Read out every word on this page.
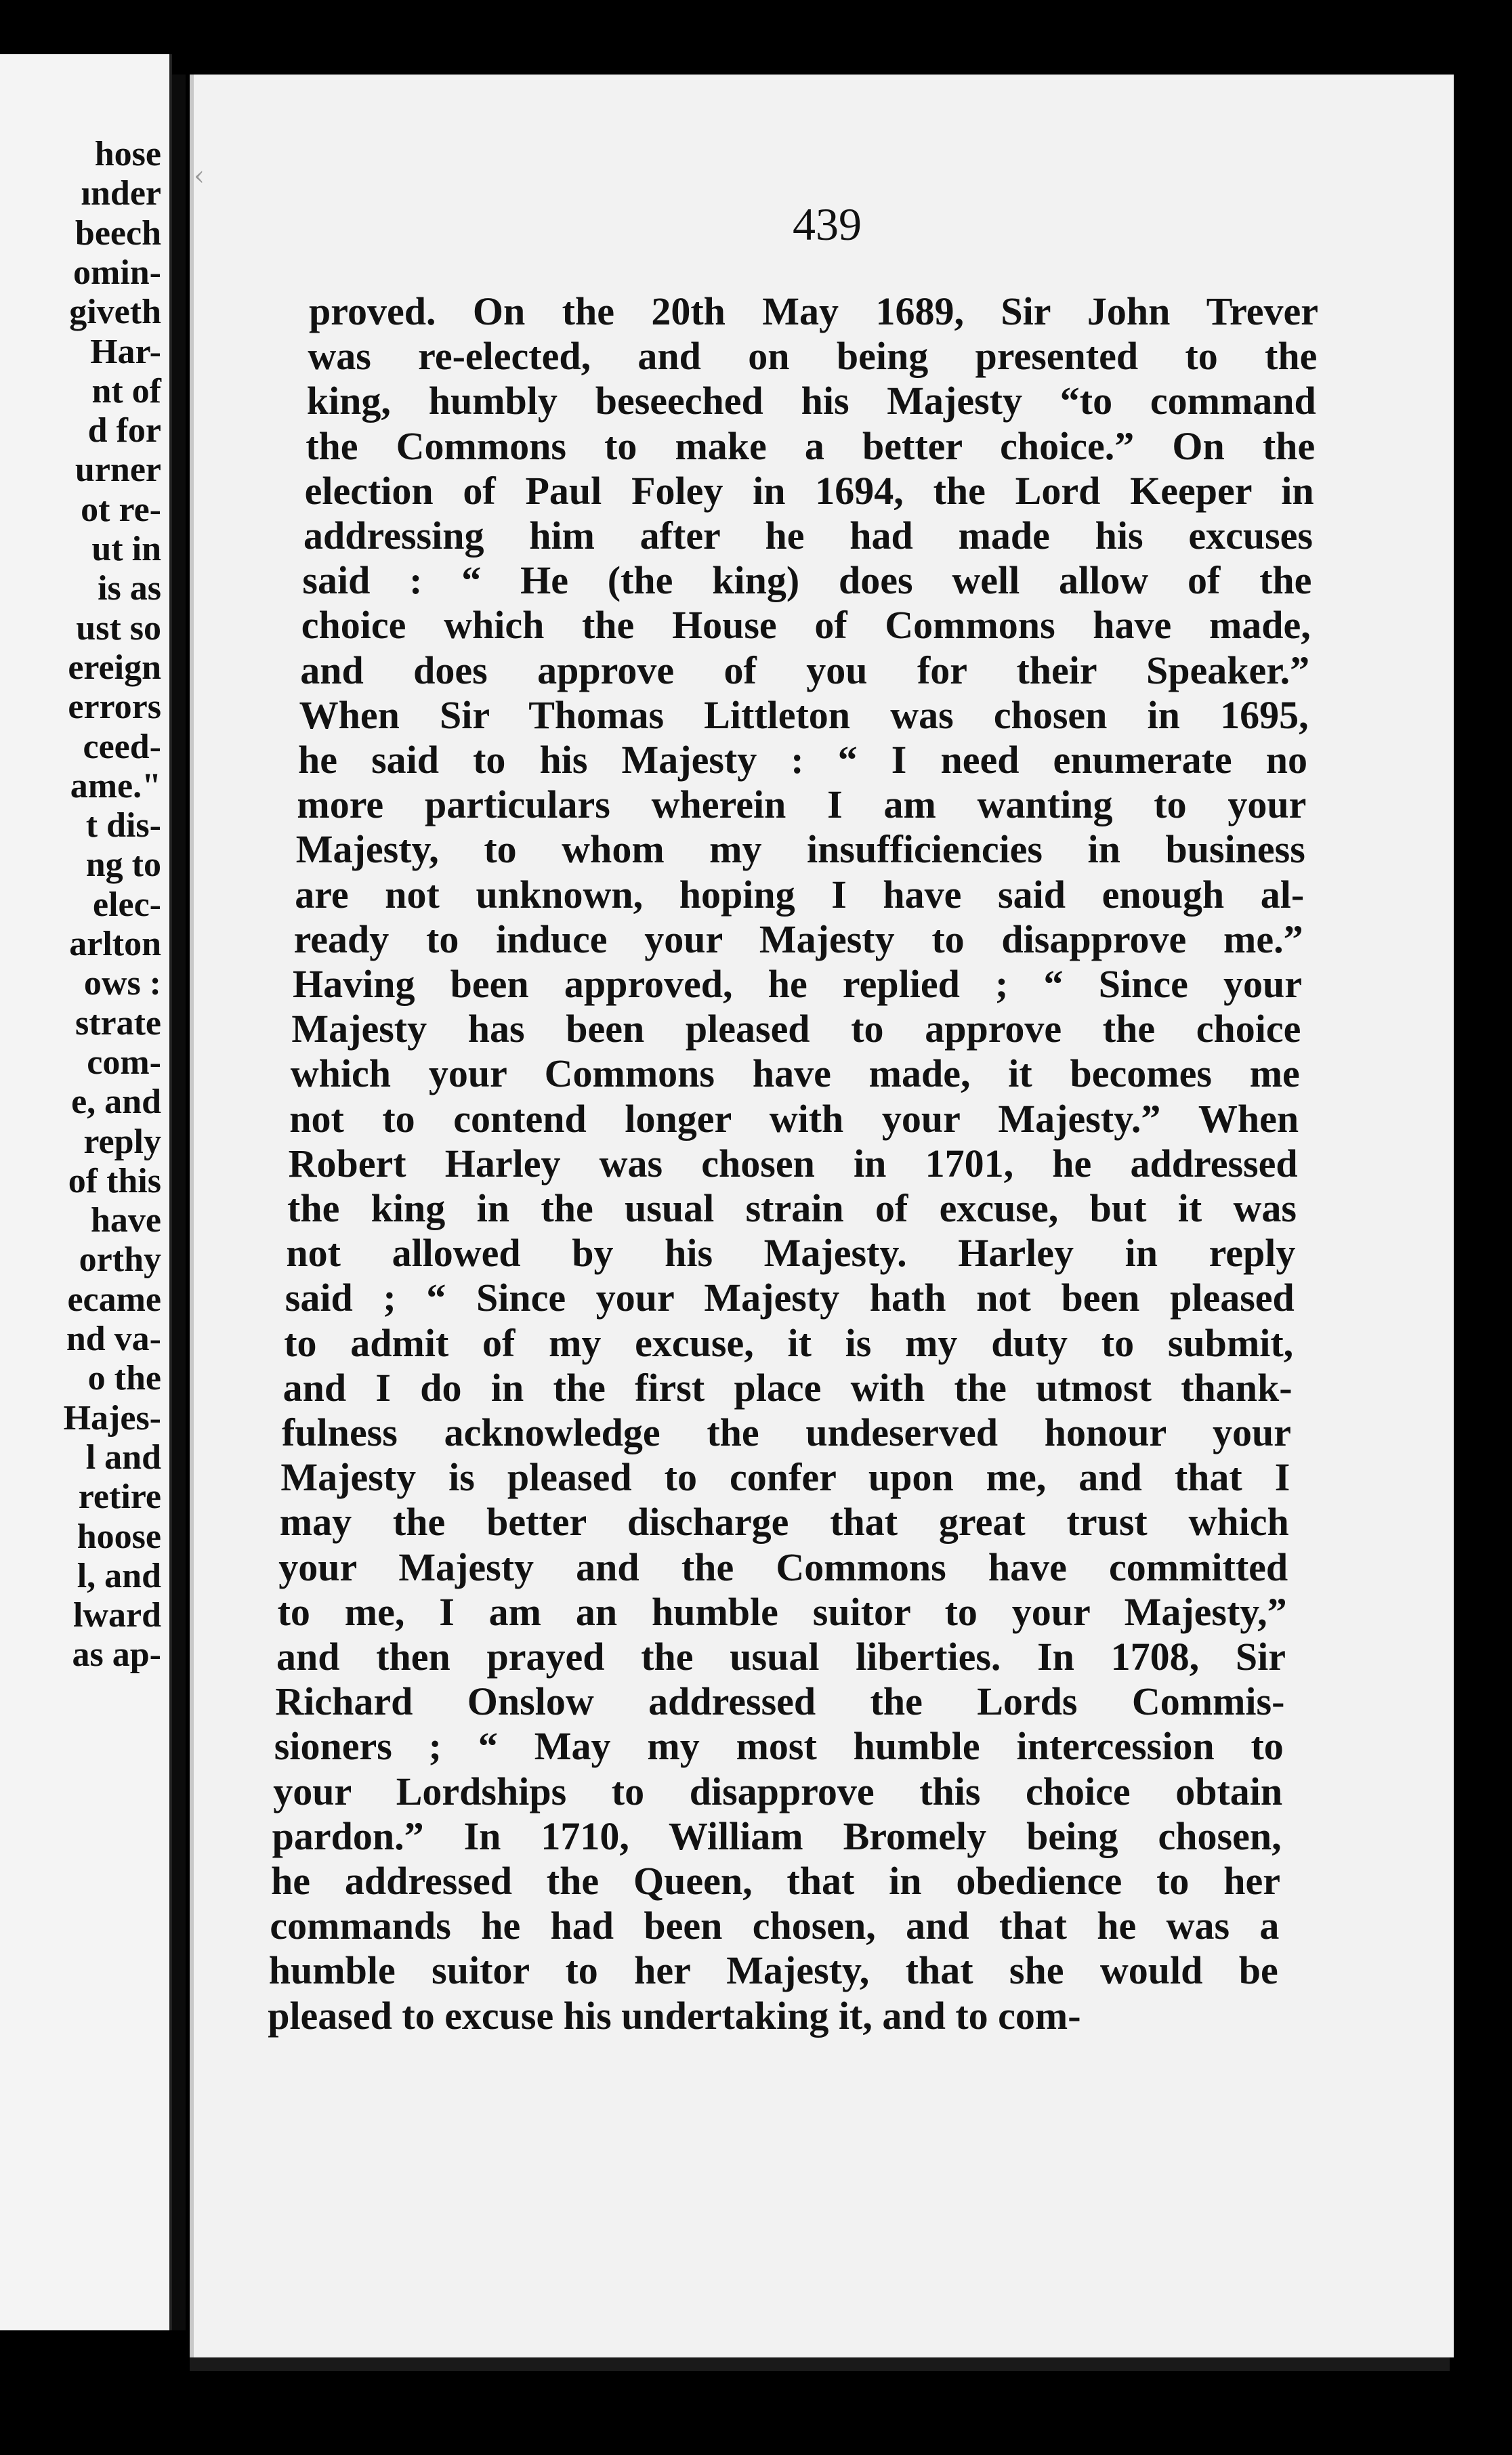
hose
ınder
beech
omin-
giveth
Har-
nt of
d for
urner
ot re-
ut in
is as
ust so
ereign
errors
ceed-
ame."
t dis-
ng to
elec-
arlton
ows :
strate
com-
e, and
reply
of this
have
orthy
ecame
nd va-
o the
Hajes-
l and
retire
hoose
l, and
lward
as ap-
‹
439
proved. On the 20th May 1689, Sir John Trever
was re-elected, and on being presented to the
king, humbly beseeched his Majesty “to command
the Commons to make a better choice.” On the
election of Paul Foley in 1694, the Lord Keeper in
addressing him after he had made his excuses
said : “ He (the king) does well allow of the
choice which the House of Commons have made,
and does approve of you for their Speaker.”
When Sir Thomas Littleton was chosen in 1695,
he said to his Majesty : “ I need enumerate no
more particulars wherein I am wanting to your
Majesty, to whom my insufficiencies in business
are not unknown, hoping I have said enough al-
ready to induce your Majesty to disapprove me.”
Having been approved, he replied ; “ Since your
Majesty has been pleased to approve the choice
which your Commons have made, it becomes me
not to contend longer with your Majesty.” When
Robert Harley was chosen in 1701, he addressed
the king in the usual strain of excuse, but it was
not allowed by his Majesty. Harley in reply
said ; “ Since your Majesty hath not been pleased
to admit of my excuse, it is my duty to submit,
and I do in the first place with the utmost thank-
fulness acknowledge the undeserved honour your
Majesty is pleased to confer upon me, and that I
may the better discharge that great trust which
your Majesty and the Commons have committed
to me, I am an humble suitor to your Majesty,”
and then prayed the usual liberties. In 1708, Sir
Richard Onslow addressed the Lords Commis-
sioners ; “ May my most humble intercession to
your Lordships to disapprove this choice obtain
pardon.” In 1710, William Bromely being chosen,
he addressed the Queen, that in obedience to her
commands he had been chosen, and that he was a
humble suitor to her Majesty, that she would be
pleased to excuse his undertaking it, and to com-
